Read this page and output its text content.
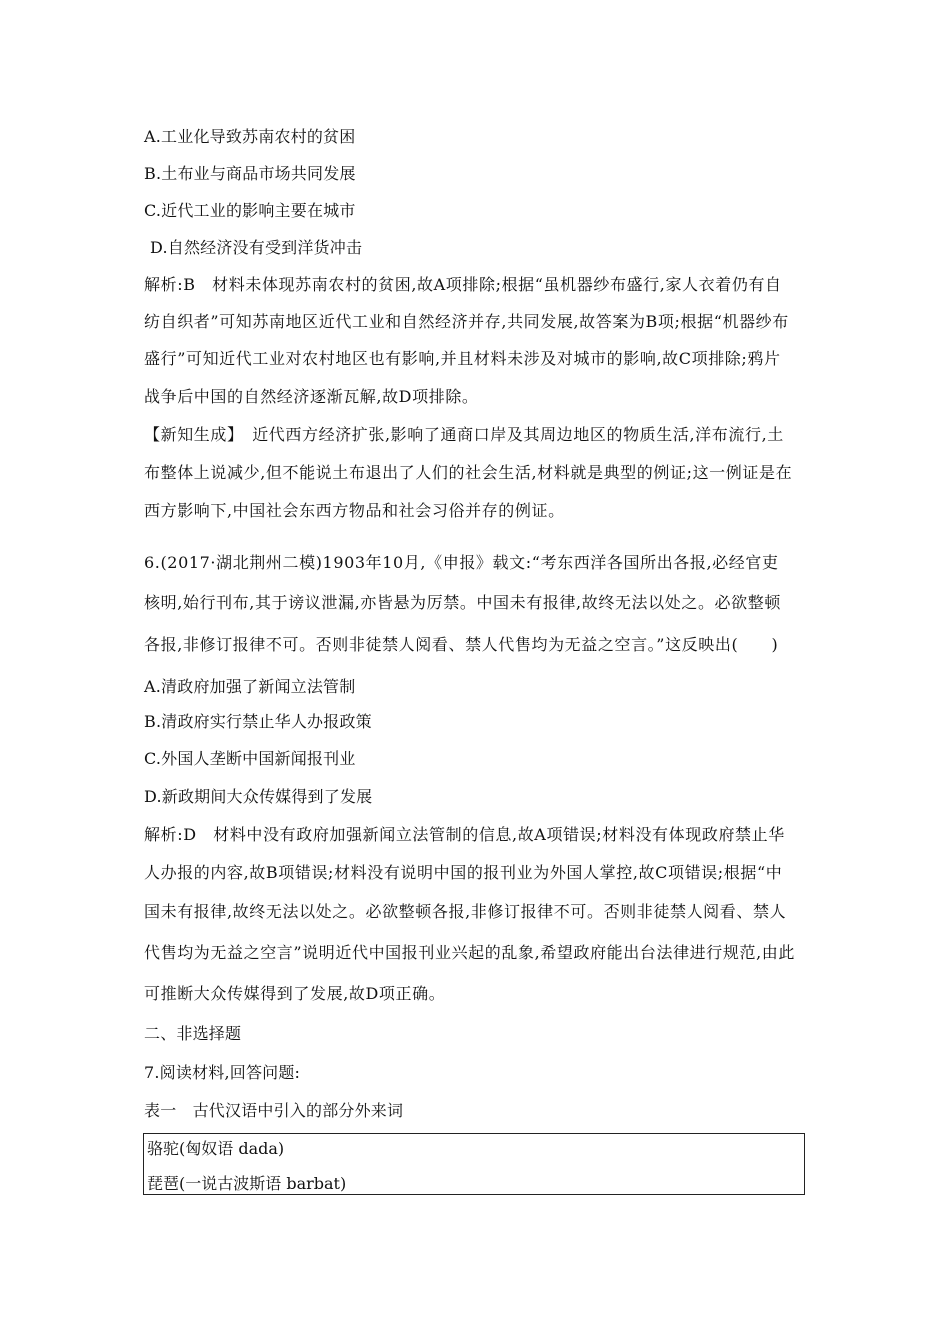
A.工业化导致苏南农村的贫困
B.土布业与商品市场共同发展
C.近代工业的影响主要在城市
D.自然经济没有受到洋货冲击
解析:B　材料未体现苏南农村的贫困,故A项排除;根据“虽机器纱布盛行,家人衣着仍有自
纺自织者”可知苏南地区近代工业和自然经济并存,共同发展,故答案为B项;根据“机器纱布
盛行”可知近代工业对农村地区也有影响,并且材料未涉及对城市的影响,故C项排除;鸦片
战争后中国的自然经济逐渐瓦解,故D项排除。
【新知生成】　近代西方经济扩张,影响了通商口岸及其周边地区的物质生活,洋布流行,土
布整体上说减少,但不能说土布退出了人们的社会生活,材料就是典型的例证;这一例证是在
西方影响下,中国社会东西方物品和社会习俗并存的例证。
6.(2017·湖北荆州二模)1903年10月,《申报》载文:“考东西洋各国所出各报,必经官吏
核明,始行刊布,其于谤议泄漏,亦皆悬为厉禁。中国未有报律,故终无法以处之。必欲整顿
各报,非修订报律不可。否则非徒禁人阅看、禁人代售均为无益之空言。”这反映出(　　)
A.清政府加强了新闻立法管制
B.清政府实行禁止华人办报政策
C.外国人垄断中国新闻报刊业
D.新政期间大众传媒得到了发展
解析:D　材料中没有政府加强新闻立法管制的信息,故A项错误;材料没有体现政府禁止华
人办报的内容,故B项错误;材料没有说明中国的报刊业为外国人掌控,故C项错误;根据“中
国未有报律,故终无法以处之。必欲整顿各报,非修订报律不可。否则非徒禁人阅看、禁人
代售均为无益之空言”说明近代中国报刊业兴起的乱象,希望政府能出台法律进行规范,由此
可推断大众传媒得到了发展,故D项正确。
二、非选择题
7.阅读材料,回答问题:
表一　古代汉语中引入的部分外来词
骆驼(匈奴语 dada)
琵琶(一说古波斯语 barbat)
